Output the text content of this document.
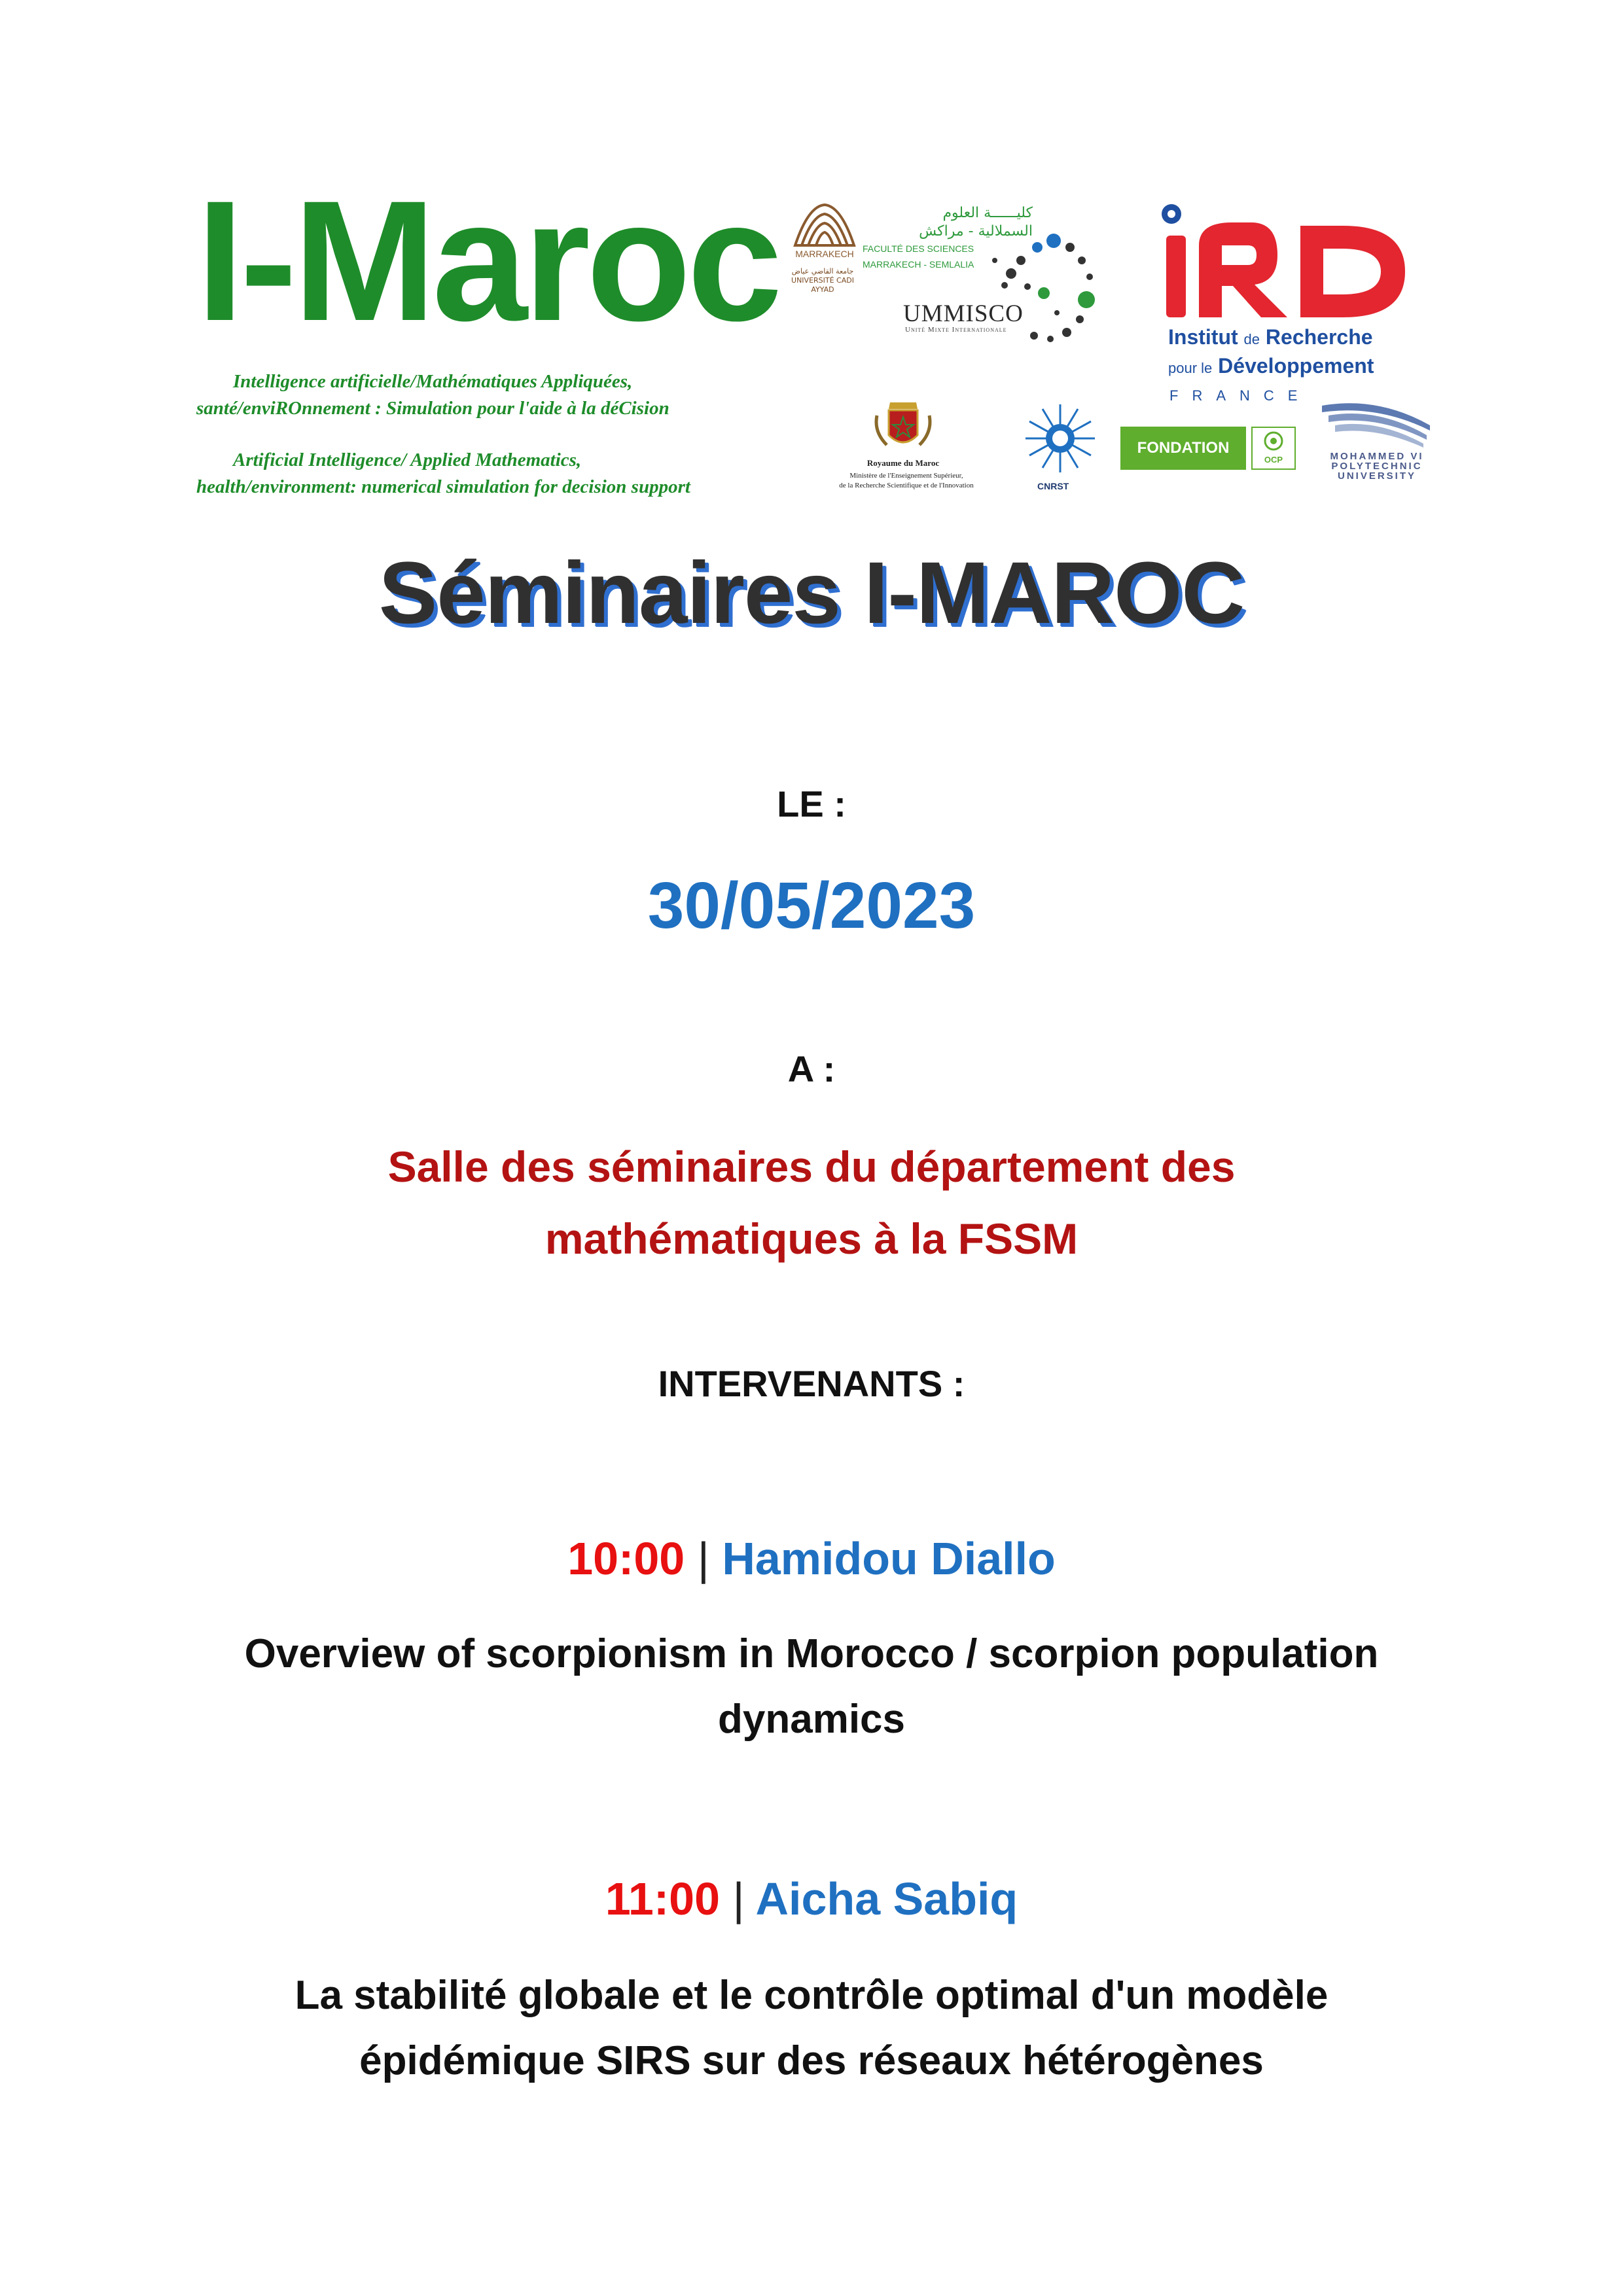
I-Maroc
Intelligence artificielle/Mathématiques Appliquées,
santé/enviROnnement : Simulation pour l'aide à la déCision
Artificial Intelligence/ Applied Mathematics,
health/environment: numerical simulation for decision support
MARRAKECH
جامعة القاضي عياض
UNIVERSITÉ CADI AYYAD
كليــــــة العلوم
السملالية - مراكش
FACULTÉ DES SCIENCES
MARRAKECH - SEMLALIA
UMMISCO
Unité Mixte Internationale	Institut de Recherche
pour le Développement
FRANCE
Royaume du Maroc
Ministère de l'Enseignement Supérieur,
de la Recherche Scientifique et de l'Innovation	CNRST
FONDATION
OCP	MOHAMMED VI
POLYTECHNIC
UNIVERSITY
Séminaires I-MAROC
LE :
30/05/2023
A :
Salle des séminaires du département des
mathématiques à la FSSM
INTERVENANTS :
10:00 | Hamidou Diallo
Overview of scorpionism in Morocco / scorpion population
dynamics
11:00 | Aicha Sabiq
La stabilité globale et le contrôle optimal d'un modèle
épidémique SIRS sur des réseaux hétérogènes
